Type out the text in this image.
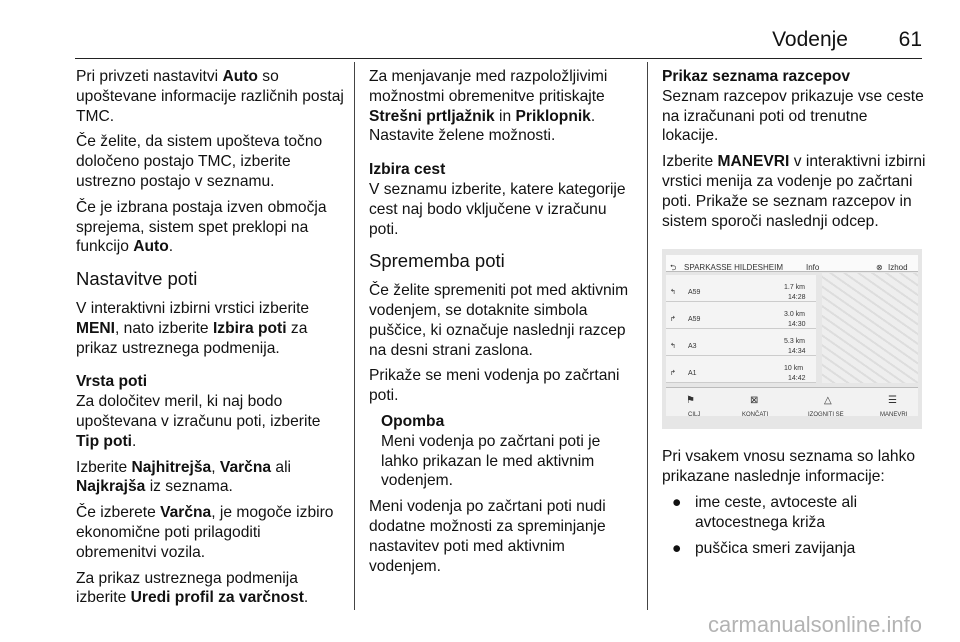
Vodenje 61

Pri privzeti nastavitvi Auto so upoštevane informacije različnih postaj TMC.

Če želite, da sistem upošteva točno določeno postajo TMC, izberite ustrezno postajo v seznamu.

Če je izbrana postaja izven območja sprejema, sistem spet preklopi na funkcijo Auto.

Nastavitve poti

V interaktivni izbirni vrstici izberite MENI, nato izberite Izbira poti za prikaz ustreznega podmenija.

Vrsta poti

Za določitev meril, ki naj bodo upoštevana v izračunu poti, izberite Tip poti.

Izberite Najhitrejša, Varčna ali Najkrajša iz seznama.

Če izberete Varčna, je mogoče izbiro ekonomične poti prilagoditi obremenitvi vozila.

Za prikaz ustreznega podmenija izberite Uredi profil za varčnost.

Za menjavanje med razpoložljivimi možnostmi obremenitve pritiskajte Strešni prtljažnik in Priklopnik. Nastavite želene možnosti.

Izbira cest

V seznamu izberite, katere kategorije cest naj bodo vključene v izračunu poti.

Sprememba poti

Če želite spremeniti pot med aktivnim vodenjem, se dotaknite simbola puščice, ki označuje naslednji razcep na desni strani zaslona.

Prikaže se meni vodenja po začrtani poti.

Opomba

Meni vodenja po začrtani poti je lahko prikazan le med aktivnim vodenjem.

Meni vodenja po začrtani poti nudi dodatne možnosti za spreminjanje nastavitev poti med aktivnim vodenjem.

Prikaz seznama razcepov

Seznam razcepov prikazuje vse ceste na izračunani poti od trenutne lokacije.

Izberite MANEVRI v interaktivni izbirni vrstici menija za vodenje po začrtani poti. Prikaže se seznam razcepov in sistem sporoči naslednji odcep.

⮌ SPARKASSE HILDESHEIM	Info	⊗ Izhod
↰ A59
1.7 km
14:28
↱ A59
3.0 km
14:30
↰ A3
5.3 km
14:34
↱ A1
10 km
14:42
⚑
CILJ
⊠
KONČATI
△
IZOGNITI SE
☰
MANEVRI

Pri vsakem vnosu seznama so lahko prikazane naslednje informacije:

● ime ceste, avtoceste ali avtocestnega križa
● puščica smeri zavijanja
carmanualsonline.info
